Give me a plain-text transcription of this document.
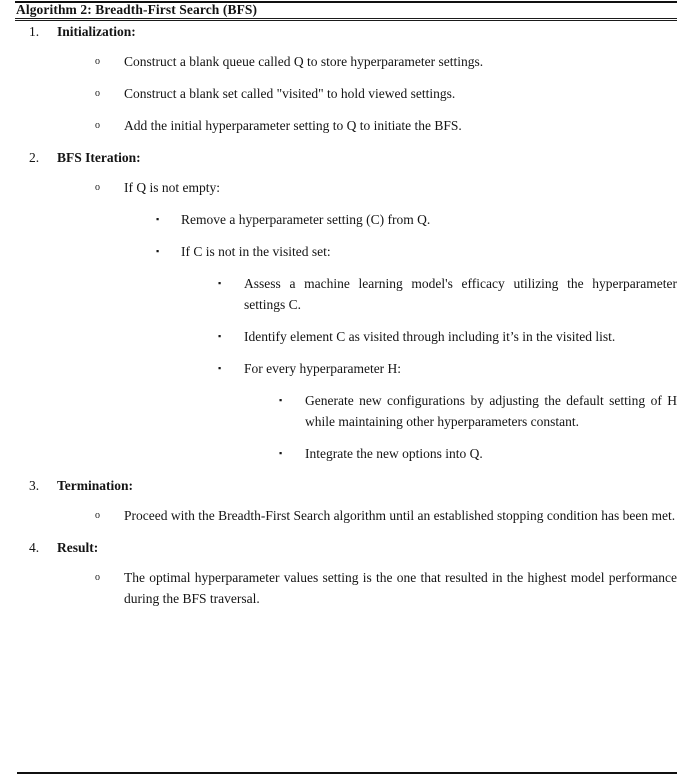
Algorithm 2: Breadth-First Search (BFS)
1. Initialization:
o Construct a blank queue called Q to store hyperparameter settings.
o Construct a blank set called "visited" to hold viewed settings.
o Add the initial hyperparameter setting to Q to initiate the BFS.
2. BFS Iteration:
o If Q is not empty:
▪ Remove a hyperparameter setting (C) from Q.
▪ If C is not in the visited set:
▪ Assess a machine learning model's efficacy utilizing the hyperparameter settings C.
▪ Identify element C as visited through including it’s in the visited list.
▪ For every hyperparameter H:
▪ Generate new configurations by adjusting the default setting of H while maintaining other hyperparameters constant.
▪ Integrate the new options into Q.
3. Termination:
o Proceed with the Breadth-First Search algorithm until an established stopping condition has been met.
4. Result:
o The optimal hyperparameter values setting is the one that resulted in the highest model performance during the BFS traversal.
